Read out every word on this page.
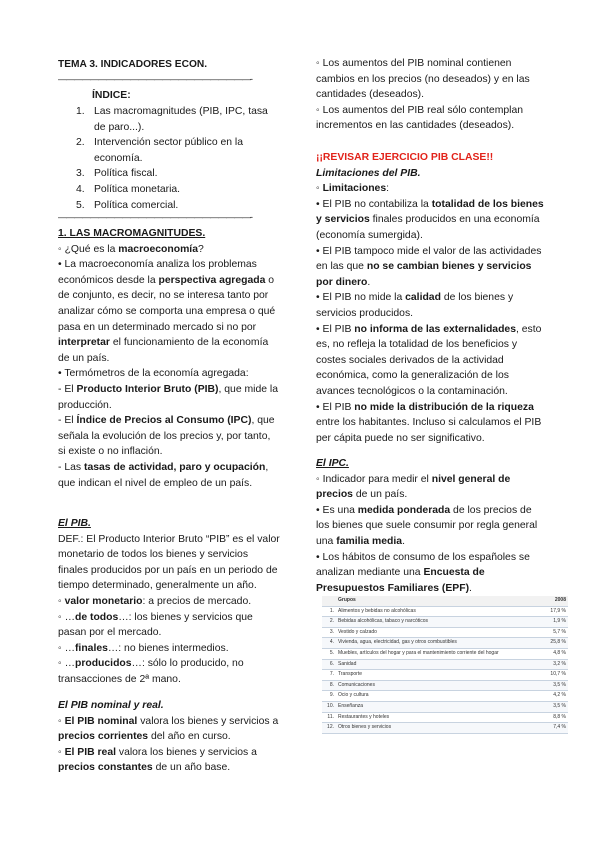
TEMA 3. INDICADORES ECON.
————————————————————————-
ÍNDICE:
1. Las macromagnitudes (PIB, IPC, tasa
de paro...).
2. Intervención sector público en la
economía.
3. Política fiscal.
4. Política monetaria.
5. Política comercial.
————————————————————————-

1. LAS MACROMAGNITUDES.

◦ ¿Qué es la macroeconomía?

• La macroeconomía analiza los problemas económicos desde la perspectiva agregada o de conjunto, es decir, no se interesa tanto por analizar cómo se comporta una empresa o qué pasa en un determinado mercado si no por interpretar el funcionamiento de la economía de un país.

• Termómetros de la economía agregada:

- El Producto Interior Bruto (PIB), que mide la producción.

- El Índice de Precios al Consumo (IPC), que señala la evolución de los precios y, por tanto, si existe o no inflación.

- Las tasas de actividad, paro y ocupación, que indican el nivel de empleo de un país.

El PIB.

DEF.: El Producto Interior Bruto “PIB” es el valor monetario de todos los bienes y servicios finales producidos por un país en un periodo de tiempo determinado, generalmente un año.

◦ valor monetario: a precios de mercado.

◦ …de todos…: los bienes y servicios que pasan por el mercado.

◦ …finales…: no bienes intermedios.

◦ …producidos…: sólo lo producido, no transacciones de 2ª mano.

El PIB nominal y real.

◦ El PIB nominal valora los bienes y servicios a precios corrientes del año en curso.

◦ El PIB real valora los bienes y servicios a precios constantes de un año base.

◦ Los aumentos del PIB nominal contienen cambios en los precios (no deseados) y en las cantidades (deseados).

◦ Los aumentos del PIB real sólo contemplan incrementos en las cantidades (deseados).

¡¡REVISAR EJERCICIO PIB CLASE!!

Limitaciones del PIB.

◦ Limitaciones:

• El PIB no contabiliza la totalidad de los bienes y servicios finales producidos en una economía (economía sumergida).

• El PIB tampoco mide el valor de las actividades en las que no se cambian bienes y servicios por dinero.

• El PIB no mide la calidad de los bienes y servicios producidos.

• El PIB no informa de las externalidades, esto es, no refleja la totalidad de los beneficios y costes sociales derivados de la actividad económica, como la generalización de los avances tecnológicos o la contaminación.

• El PIB no mide la distribución de la riqueza entre los habitantes. Incluso si calculamos el PIB per cápita puede no ser significativo.

El IPC.

◦ Indicador para medir el nivel general de precios de un país.

• Es una medida ponderada de los precios de los bienes que suele consumir por regla general una familia media.

• Los hábitos de consumo de los españoles se analizan mediante una Encuesta de Presupuestos Familiares (EPF).

	Grupos	2008
1.	Alimentos y bebidas no alcohólicas	17,9 %
2.	Bebidas alcohólicas, tabaco y narcóticos	1,9 %
3.	Vestido y calzado	5,7 %
4.	Vivienda, agua, electricidad, gas y otros combustibles	25,8 %
5.	Muebles, artículos del hogar y para el mantenimiento corriente del hogar	4,8 %
6.	Sanidad	3,2 %
7.	Transporte	10,7 %
8.	Comunicaciones	3,5 %
9.	Ocio y cultura	4,2 %
10.	Enseñanza	3,5 %
11.	Restaurantes y hoteles	8,8 %
12.	Otros bienes y servicios	7,4 %
